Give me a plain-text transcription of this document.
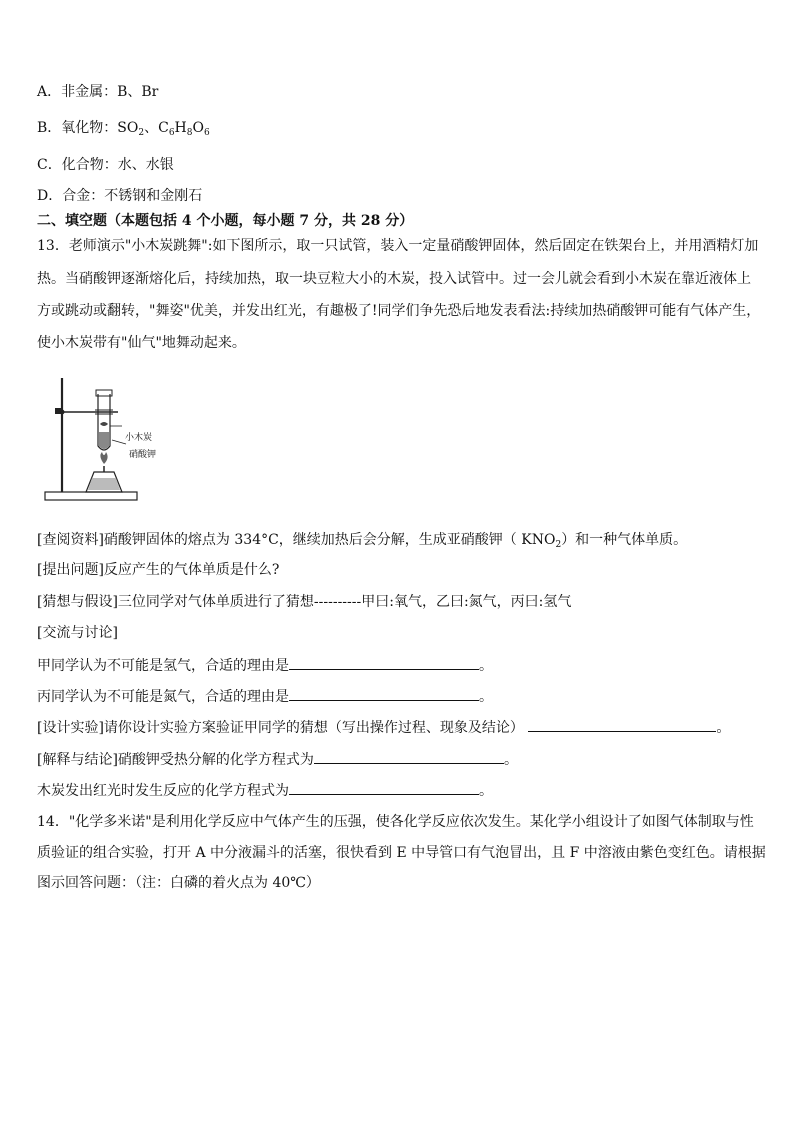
A．非金属：B、Br
B．氧化物：$SO_2$、$C_6H_8O_6$
C．化合物：水、水银
D．合金：不锈钢和金刚石
二、填空题（本题包括 4 个小题，每小题 7 分，共 28 分）
13．老师演示"小木炭跳舞":如下图所示，取一只试管，装入一定量硝酸钾固体，然后固定在铁架台上，并用酒精灯加
热。当硝酸钾逐渐熔化后，持续加热，取一块豆粒大小的木炭，投入试管中。过一会儿就会看到小木炭在靠近液体上
方或跳动或翻转，"舞姿"优美，并发出红光，有趣极了!同学们争先恐后地发表看法:持续加热硝酸钾可能有气体产生，
使小木炭带有"仙气"地舞动起来。
小木炭
硝酸钾
[查阅资料]硝酸钾固体的熔点为 334°C，继续加热后会分解，生成亚硝酸钾（ $KNO_2$）和一种气体单质。
[提出问题]反应产生的气体单质是什么?
[猜想与假设]三位同学对气体单质进行了猜想----------甲曰:氧气，乙曰:氮气，丙曰:氢气
[交流与讨论]
甲同学认为不可能是氢气，合适的理由是	。
丙同学认为不可能是氮气，合适的理由是	。
[设计实验]请你设计实验方案验证甲同学的猜想（写出操作过程、现象及结论）	。
[解释与结论]硝酸钾受热分解的化学方程式为	。
木炭发出红光时发生反应的化学方程式为	。
14．"化学多米诺"是利用化学反应中气体产生的压强，使各化学反应依次发生。某化学小组设计了如图气体制取与性
质验证的组合实验，打开 A 中分液漏斗的活塞，很快看到 E 中导管口有气泡冒出，且 F 中溶液由紫色变红色。请根据
图示回答问题：（注：白磷的着火点为 40℃）
